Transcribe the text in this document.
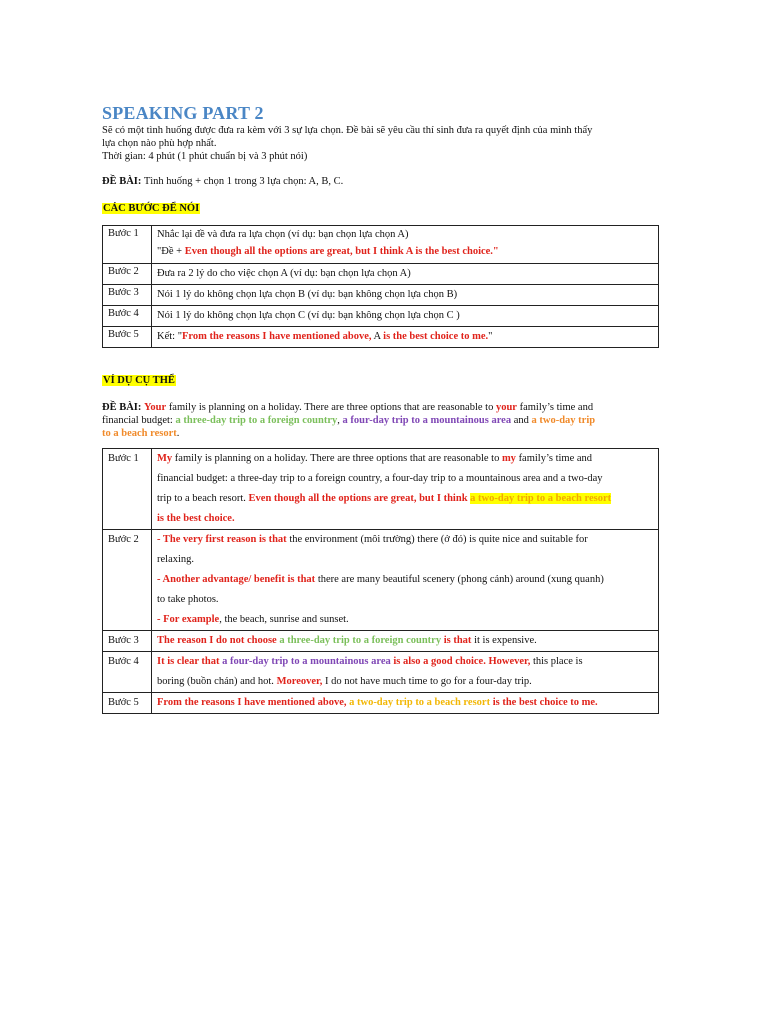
SPEAKING PART 2

Sẽ có một tình huống được đưa ra kèm với 3 sự lựa chọn. Đề bài sẽ yêu cầu thí sinh đưa ra quyết định của mình thấy
lựa chọn nào phù hợp nhất.
Thời gian: 4 phút (1 phút chuẩn bị và 3 phút nói)

ĐỀ BÀI: Tình huống + chọn 1 trong 3 lựa chọn: A, B, C.

CÁC BƯỚC ĐỂ NÓI

Bước 1	Nhắc lại đề và đưa ra lựa chọn (ví dụ: bạn chọn lựa chọn A)
"Đề + Even though all the options are great, but I think A is the best choice."

Bước 2	Đưa ra 2 lý do cho việc chọn A (ví dụ: bạn chọn lựa chọn A)
Bước 3	Nói 1 lý do không chọn lựa chọn B (ví dụ: bạn không chọn lựa chọn B)
Bước 4	Nói 1 lý do không chọn lựa chọn C (ví dụ: bạn không chọn lựa chọn C )
Bước 5	Kết: "From the reasons I have mentioned above, A is the best choice to me."

VÍ DỤ CỤ THỂ

ĐỀ BÀI: Your family is planning on a holiday. There are three options that are reasonable to your family’s time and
financial budget: a three-day trip to a foreign country, a four-day trip to a mountainous area and a two-day trip
to a beach resort.

Bước 1	My family is planning on a holiday. There are three options that are reasonable to my family’s time and
financial budget: a three-day trip to a foreign country, a four-day trip to a mountainous area and a two-day
trip to a beach resort. Even though all the options are great, but I think a two-day trip to a beach resort
is the best choice.

Bước 2	- The very first reason is that the environment (môi trường) there (ở đó) is quite nice and suitable for
relaxing.
- Another advantage/ benefit is that there are many beautiful scenery (phong cảnh) around (xung quanh)
to take photos.
- For example, the beach, sunrise and sunset.

Bước 3	The reason I do not choose a three-day trip to a foreign country is that it is expensive.
Bước 4	It is clear that a four-day trip to a mountainous area is also a good choice. However, this place is
boring (buồn chán) and hot. Moreover, I do not have much time to go for a four-day trip.

Bước 5	From the reasons I have mentioned above, a two-day trip to a beach resort is the best choice to me.
